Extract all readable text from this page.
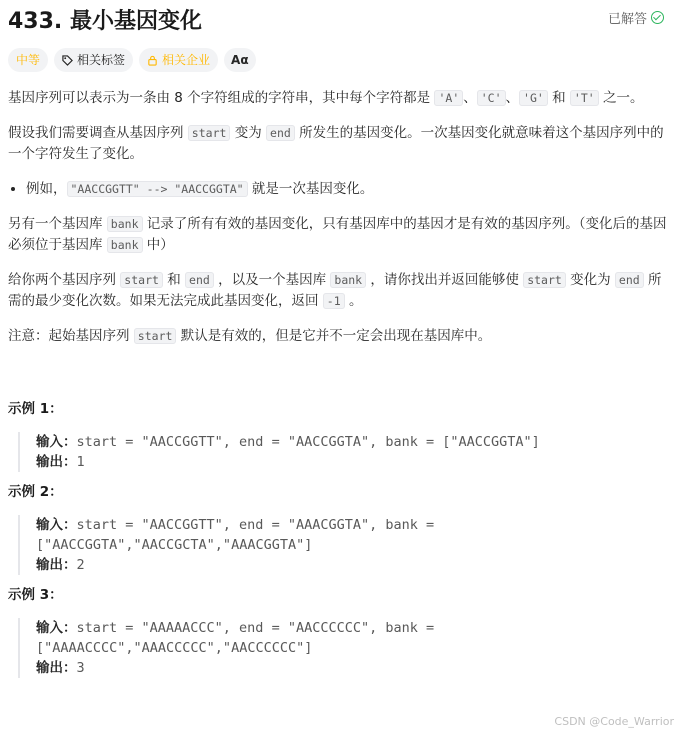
433. 最小基因变化	已解答
中等	相关标签	相关企业	Aα

基因序列可以表示为一条由 8 个字符组成的字符串，其中每个字符都是 'A' 、 'C' 、 'G' 和 'T' 之一。

假设我们需要调查从基因序列 start 变为 end 所发生的基因变化。一次基因变化就意味着这个基因序列中的一个字符发生了变化。

• 例如， "AACCGGTT" --> "AACCGGTA" 就是一次基因变化。

另有一个基因库 bank 记录了所有有效的基因变化，只有基因库中的基因才是有效的基因序列。（变化后的基因必须位于基因库 bank 中）

给你两个基因序列 start 和 end ，以及一个基因库 bank ，请你找出并返回能够使 start 变化为 end 所需的最少变化次数。如果无法完成此基因变化，返回 -1 。

注意：起始基因序列 start 默认是有效的，但是它并不一定会出现在基因库中。

示例 1：
输入：start = "AACCGGTT", end = "AACCGGTA", bank = ["AACCGGTA"]
输出：1
示例 2：
输入：start = "AACCGGTT", end = "AAACGGTA", bank =
["AACCGGTA","AACCGCTA","AAACGGTA"]
输出：2
示例 3：
输入：start = "AAAAACCC", end = "AACCCCCC", bank =
["AAAACCCC","AAACCCCC","AACCCCCC"]
输出：3
CSDN @Code_Warrior
